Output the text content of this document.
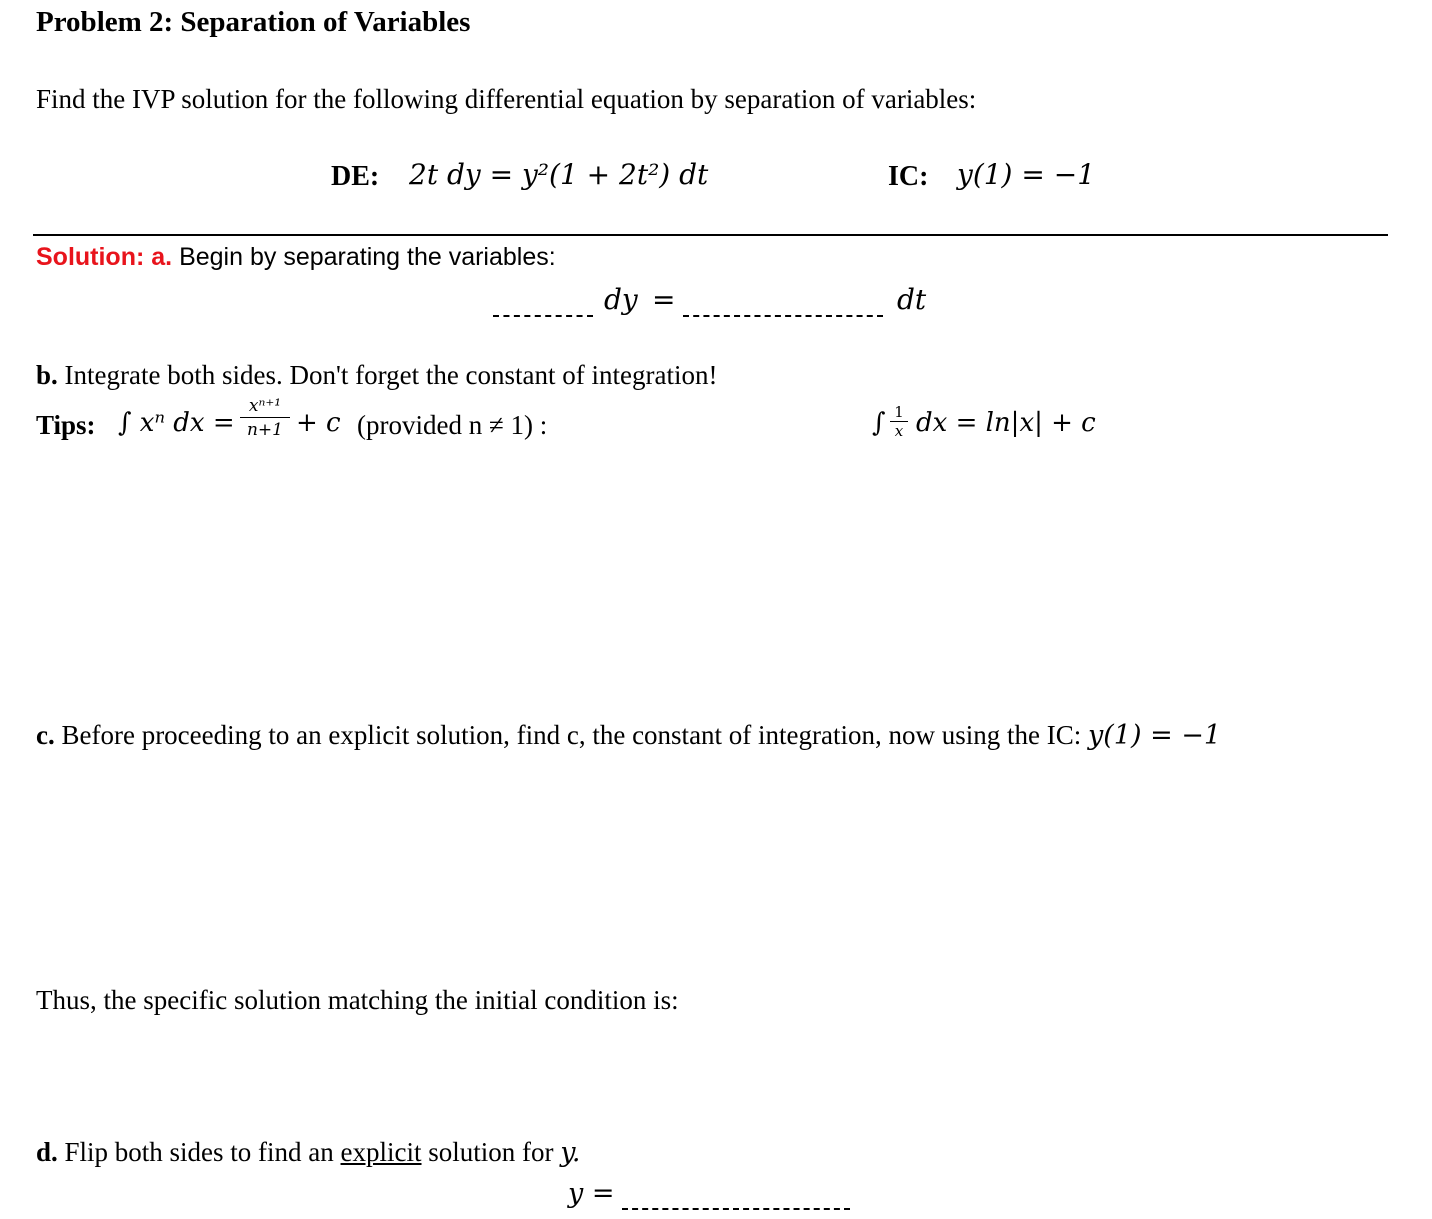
Problem 2: Separation of Variables
Find the IVP solution for the following differential equation by separation of variables:
DE: 2t dy = y²(1 + 2t²) dt	IC: y(1) = −1
Solution: a. Begin by separating the variables:
dy =	dt
b. Integrate both sides. Don't forget the constant of integration!
Tips: ∫ xⁿ dx = $\frac{\text{xⁿ⁺¹}}{n+1} + c$ (provided n ≠ 1) :	∫ $\frac{1}{x}$ dx = ln|x| + c
c. Before proceeding to an explicit solution, find c, the constant of integration, now using the IC: y(1) = −1
Thus, the specific solution matching the initial condition is:
d. Flip both sides to find an explicit solution for y.
y =
